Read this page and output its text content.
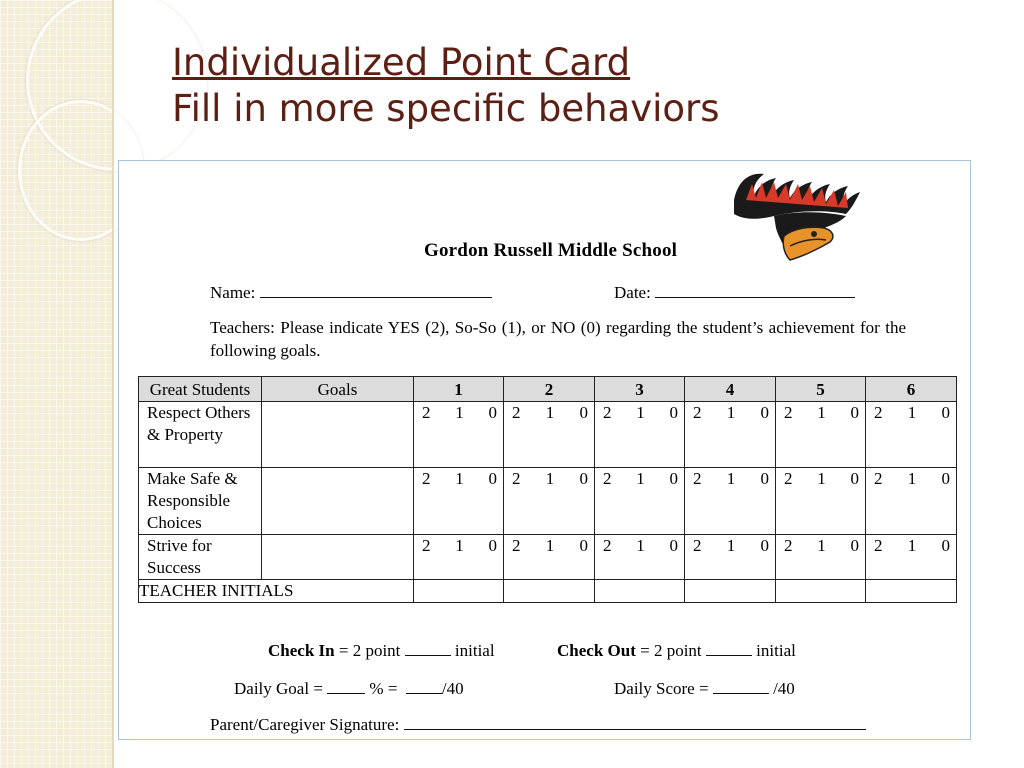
Individualized Point Card
Fill in more specific behaviors
Gordon Russell Middle School
Name:	Date:
Teachers: Please indicate YES (2), So-So (1), or NO (0) regarding the student’s achievement for the following goals.
Great Students	Goals	1	2	3	4	5	6
Respect Others & Property		2 1 0	2 1 0	2 1 0	2 1 0	2 1 0	2 1 0

Make Safe & Responsible Choices		2 1 0	2 1 0	2 1 0	2 1 0	2 1 0	2 1 0

Strive for Success		2 1 0	2 1 0	2 1 0	2 1 0	2 1 0	2 1 0

TEACHER INITIALS							
Check In = 2 point	initial	Check Out = 2 point	initial
Daily Goal =	% =	/40	Daily Score =	/40
Parent/Caregiver Signature:
